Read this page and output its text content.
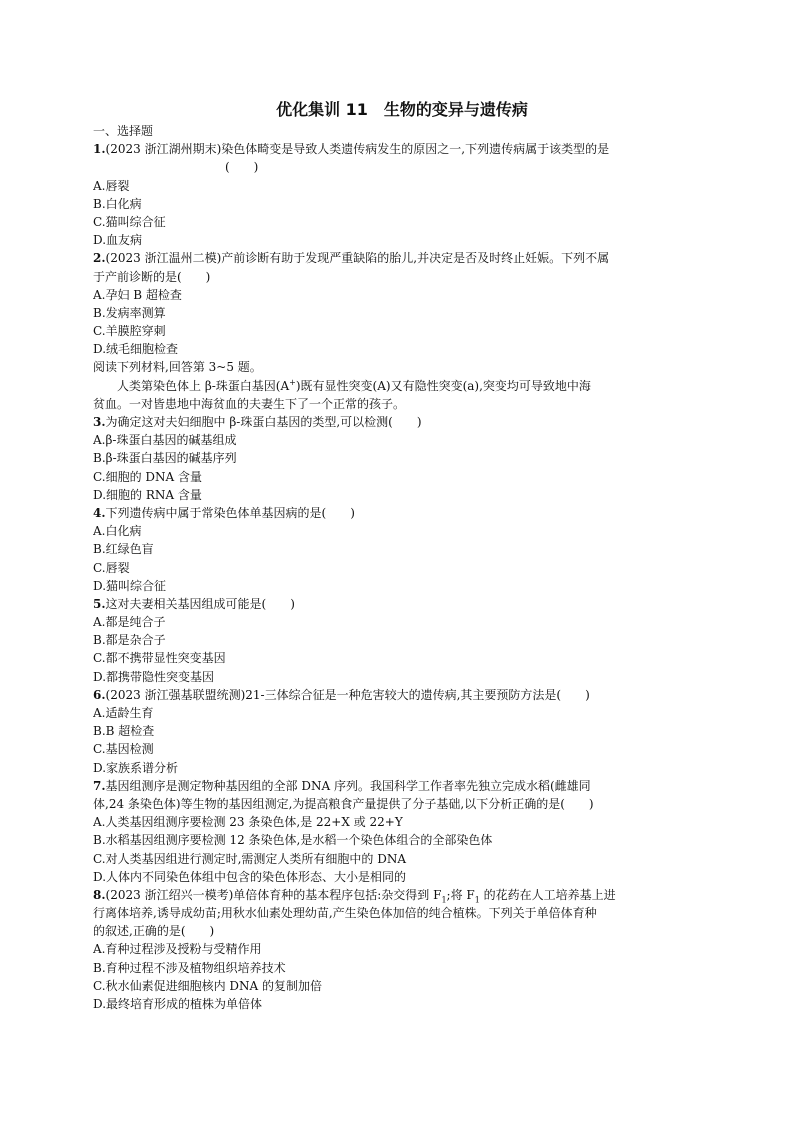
优化集训 11　生物的变异与遗传病
一、选择题
1.(2023 浙江湖州期末)染色体畸变是导致人类遗传病发生的原因之一,下列遗传病属于该类型的是
(　　)
A.唇裂
B.白化病
C.猫叫综合征
D.血友病
2.(2023 浙江温州二模)产前诊断有助于发现严重缺陷的胎儿,并决定是否及时终止妊娠。下列不属
于产前诊断的是(　　)
A.孕妇 B 超检查
B.发病率测算
C.羊膜腔穿刺
D.绒毛细胞检查
阅读下列材料,回答第 3~5 题。
人类第染色体上 β-珠蛋白基因(A+)既有显性突变(A)又有隐性突变(a),突变均可导致地中海
贫血。一对皆患地中海贫血的夫妻生下了一个正常的孩子。
3.为确定这对夫妇细胞中 β-珠蛋白基因的类型,可以检测(　　)
A.β-珠蛋白基因的碱基组成
B.β-珠蛋白基因的碱基序列
C.细胞的 DNA 含量
D.细胞的 RNA 含量
4.下列遗传病中属于常染色体单基因病的是(　　)
A.白化病
B.红绿色盲
C.唇裂
D.猫叫综合征
5.这对夫妻相关基因组成可能是(　　)
A.都是纯合子
B.都是杂合子
C.都不携带显性突变基因
D.都携带隐性突变基因
6.(2023 浙江强基联盟统测)21-三体综合征是一种危害较大的遗传病,其主要预防方法是(　　)
A.适龄生育
B.B 超检查
C.基因检测
D.家族系谱分析
7.基因组测序是测定物种基因组的全部 DNA 序列。我国科学工作者率先独立完成水稻(雌雄同
体,24 条染色体)等生物的基因组测定,为提高粮食产量提供了分子基础,以下分析正确的是(　　)
A.人类基因组测序要检测 23 条染色体,是 22+X 或 22+Y
B.水稻基因组测序要检测 12 条染色体,是水稻一个染色体组合的全部染色体
C.对人类基因组进行测定时,需测定人类所有细胞中的 DNA
D.人体内不同染色体组中包含的染色体形态、大小是相同的
8.(2023 浙江绍兴一模考)单倍体育种的基本程序包括:杂交得到 $F_1$;将 $F_1$ 的花药在人工培养基上进
行离体培养,诱导成幼苗;用秋水仙素处理幼苗,产生染色体加倍的纯合植株。下列关于单倍体育种
的叙述,正确的是(　　)
A.育种过程涉及授粉与受精作用
B.育种过程不涉及植物组织培养技术
C.秋水仙素促进细胞核内 DNA 的复制加倍
D.最终培育形成的植株为单倍体
